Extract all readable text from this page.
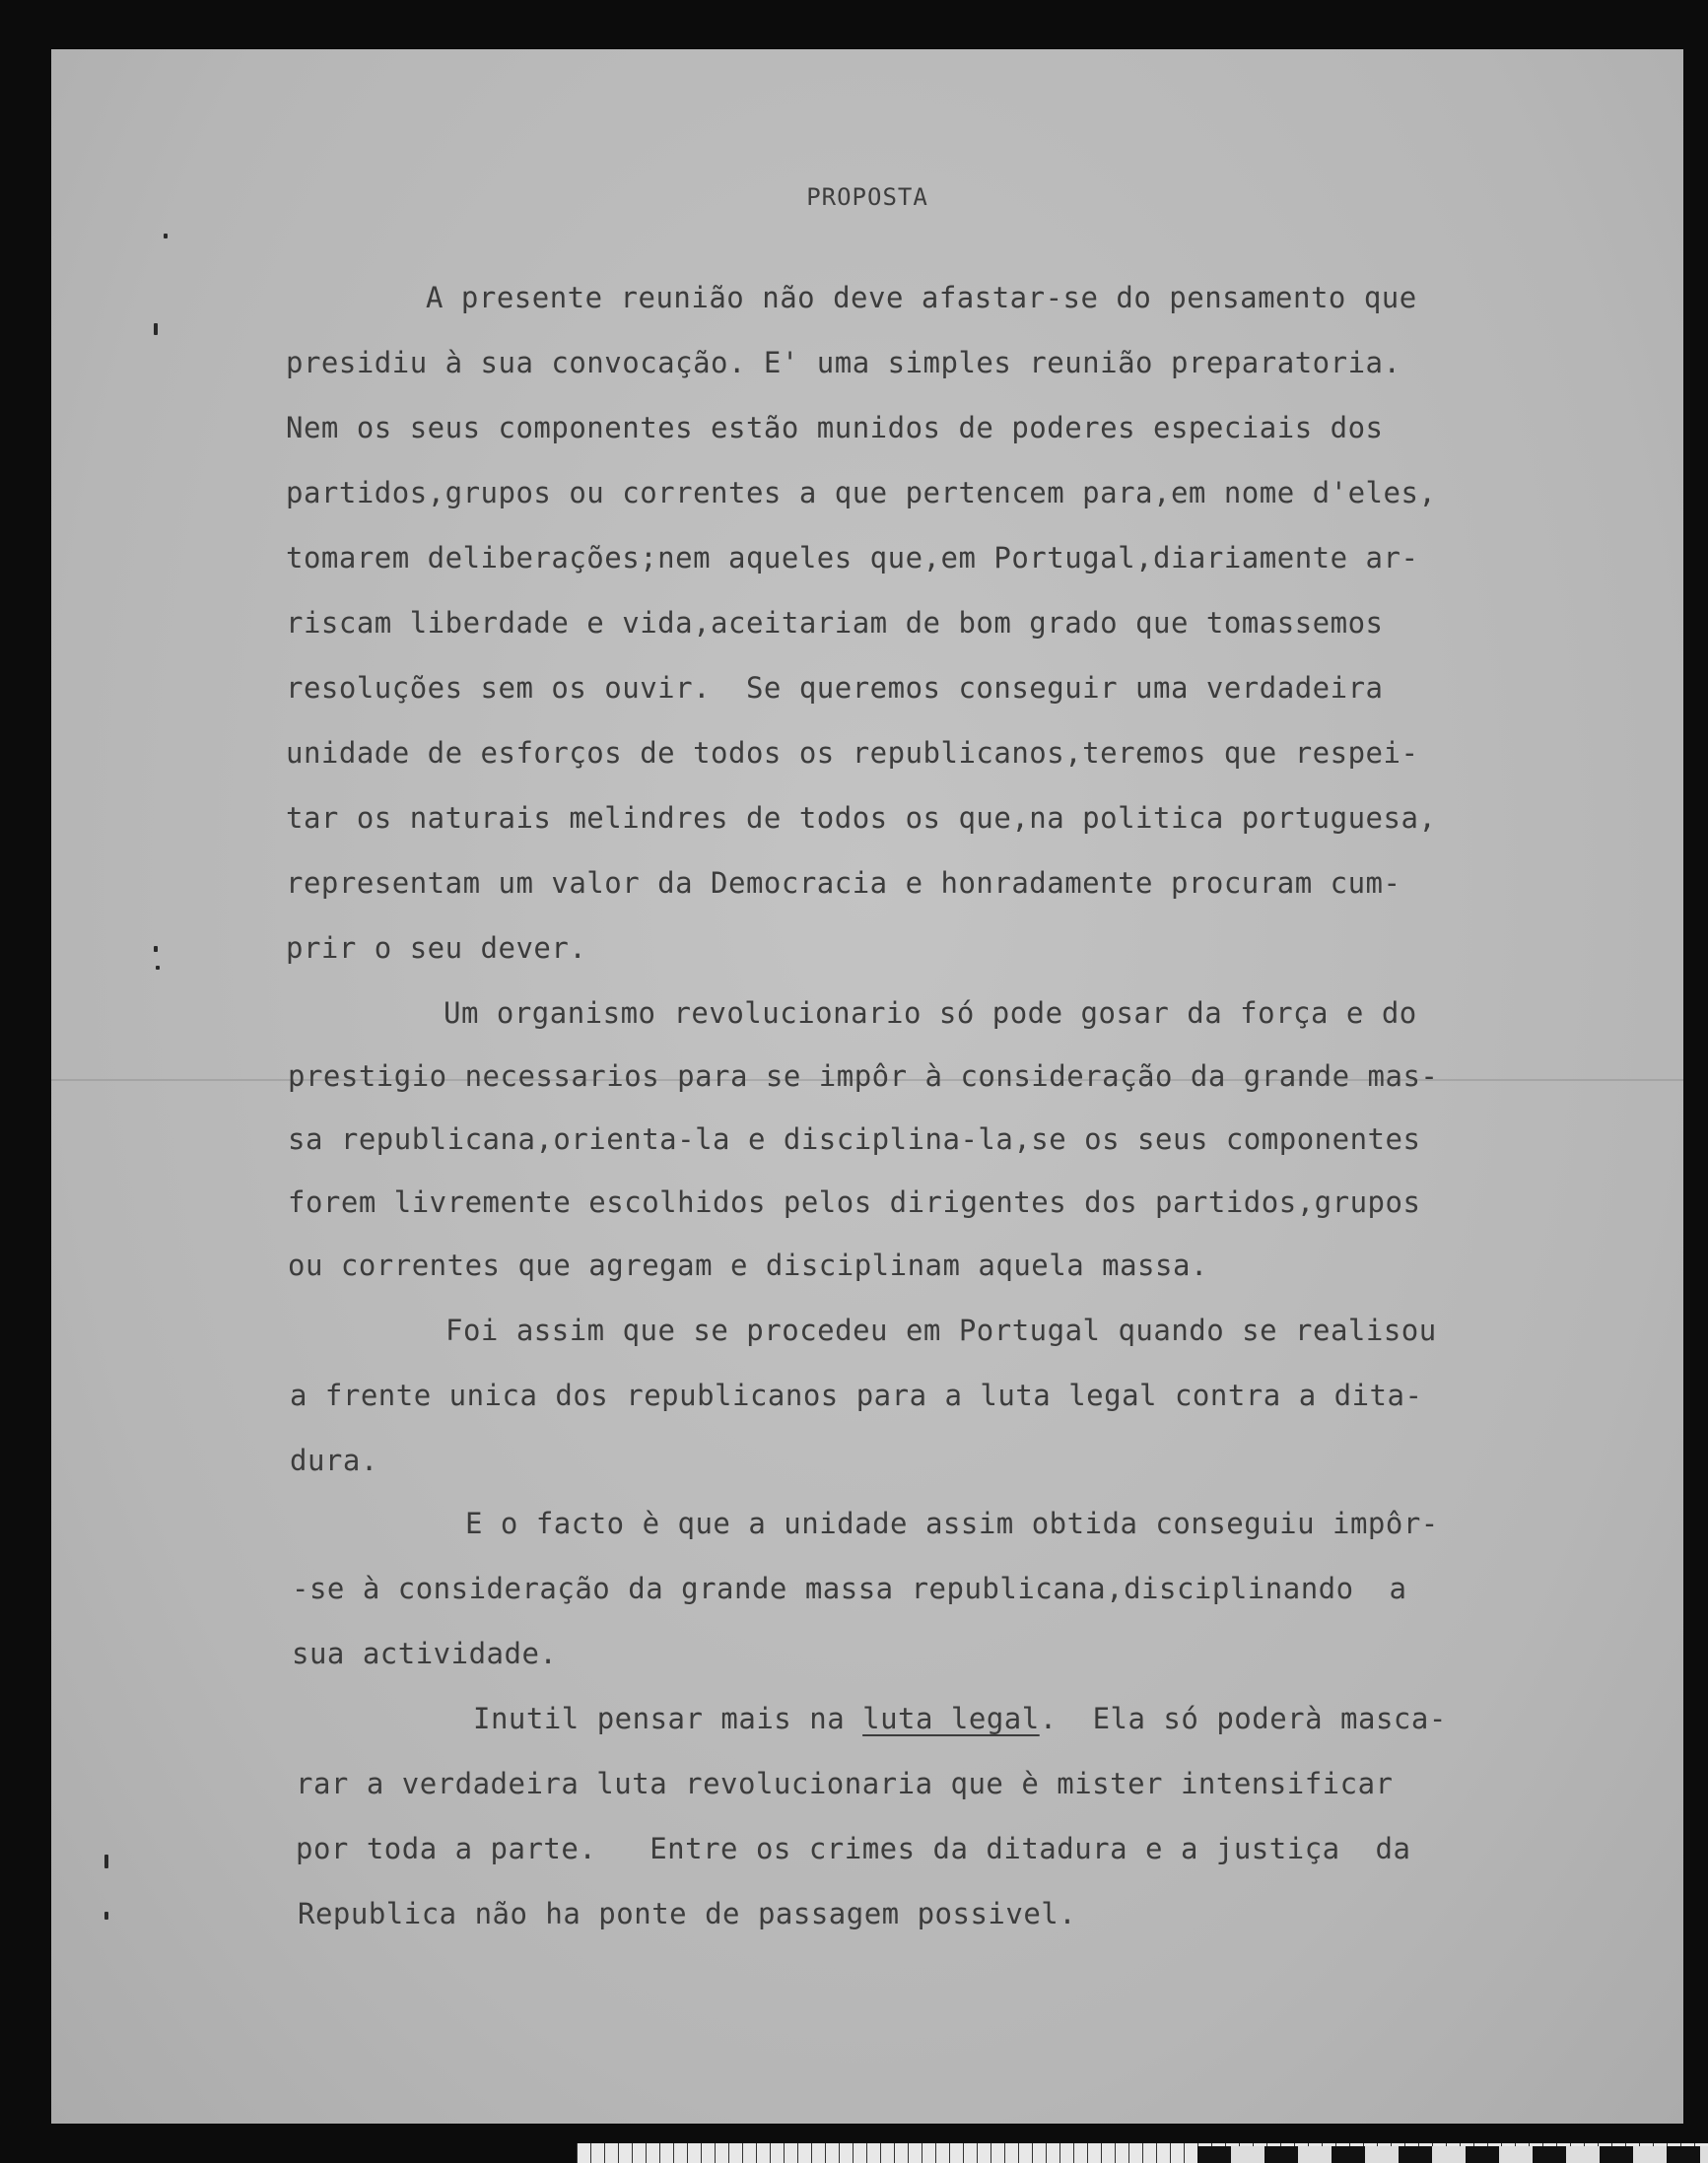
PROPOSTA
A presente reunião não deve afastar-se do pensamento que
presidiu à sua convocação. E' uma simples reunião preparatoria.
Nem os seus componentes estão munidos de poderes especiais dos
partidos,grupos ou correntes a que pertencem para,em nome d'eles,
tomarem deliberações;nem aqueles que,em Portugal,diariamente ar-
riscam liberdade e vida,aceitariam de bom grado que tomassemos
resoluções sem os ouvir.  Se queremos conseguir uma verdadeira
unidade de esforços de todos os republicanos,teremos que respei-
tar os naturais melindres de todos os que,na politica portuguesa,
representam um valor da Democracia e honradamente procuram cum-
prir o seu dever.
Um organismo revolucionario só pode gosar da força e do
prestigio necessarios para se impôr à consideração da grande mas-
sa republicana,orienta-la e disciplina-la,se os seus componentes
forem livremente escolhidos pelos dirigentes dos partidos,grupos
ou correntes que agregam e disciplinam aquela massa.
Foi assim que se procedeu em Portugal quando se realisou
a frente unica dos republicanos para a luta legal contra a dita-
dura.
E o facto è que a unidade assim obtida conseguiu impôr-
-se à consideração da grande massa republicana,disciplinando  a
sua actividade.
Inutil pensar mais na luta legal.  Ela só poderà masca-
rar a verdadeira luta revolucionaria que è mister intensificar
por toda a parte.   Entre os crimes da ditadura e a justiça  da
Republica não ha ponte de passagem possivel.
